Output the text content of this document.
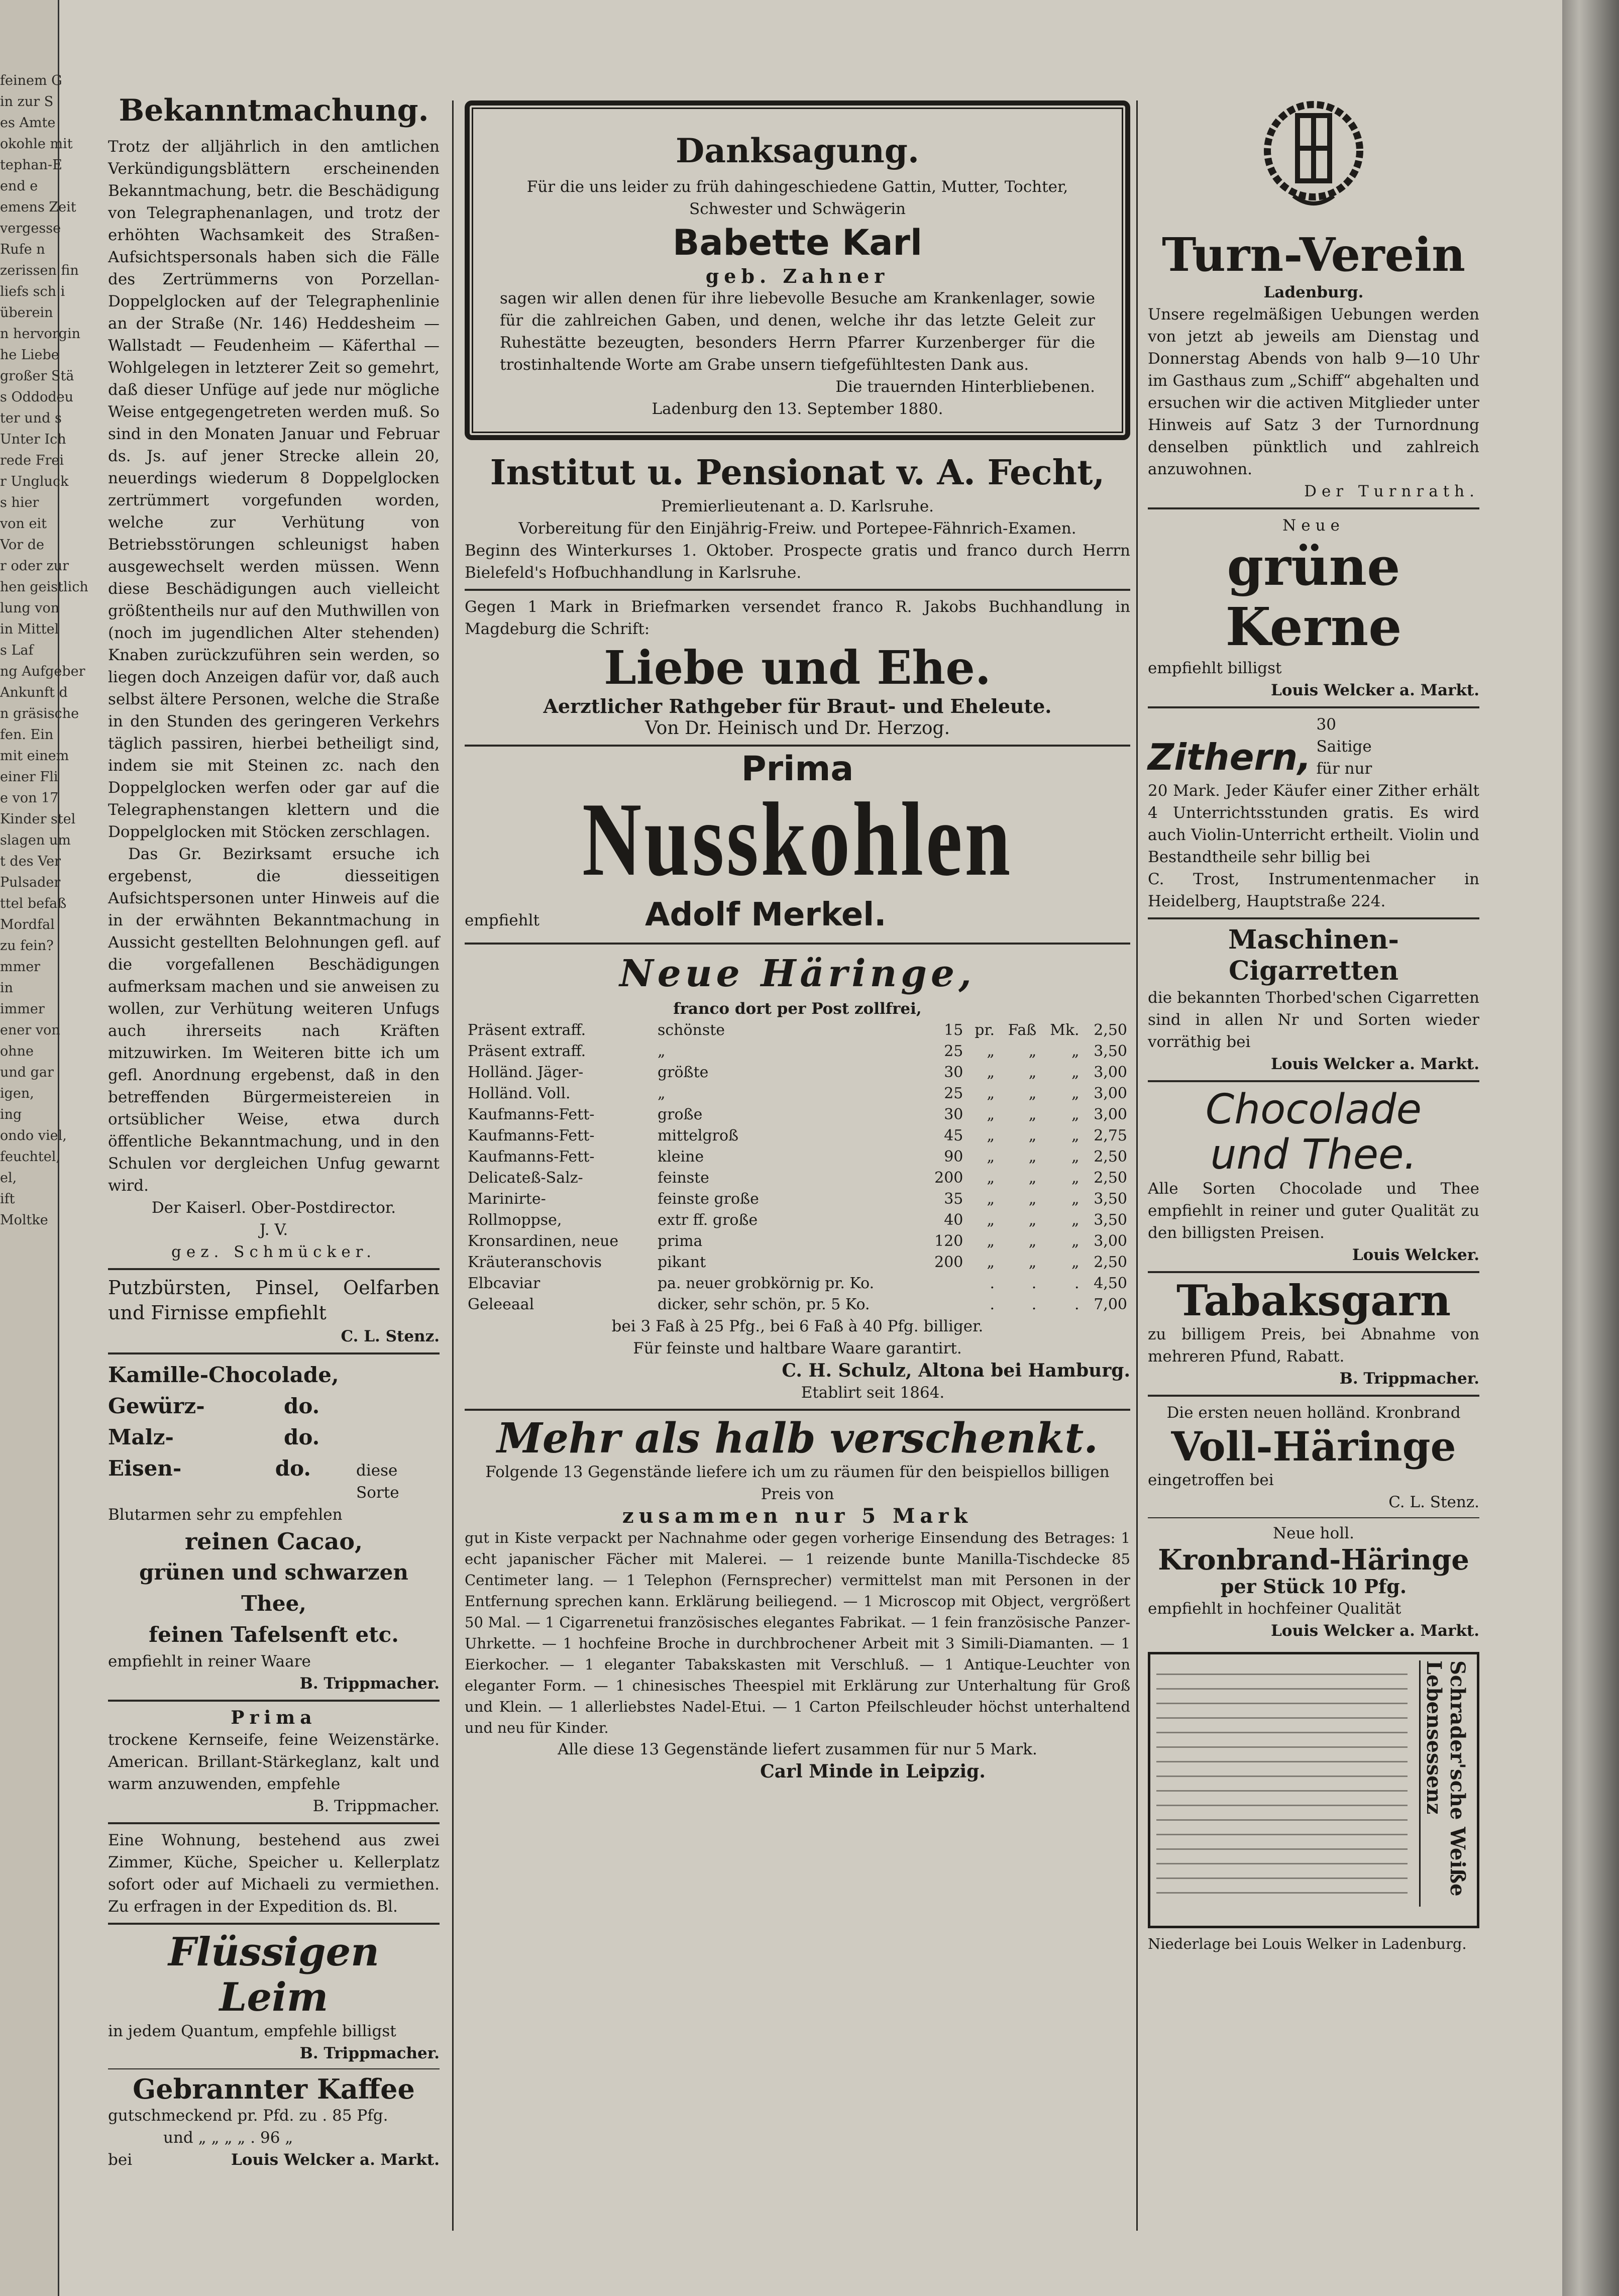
feinem G

in zur S

es Amte

okohle mit

tephan-E

end e

emens Zeit

vergesse

Rufe n

zerissen fin

liefs sch i

überein

n hervorgin

he Liebe

großer Stä

s Oddodeu

ter und s

Unter Ich

rede Frei

r Ungluck

s hier

von eit

Vor de

r oder zur

hen geistlich

lung von

in Mittel

s Laf

ng Aufgeber

Ankunft d

n gräsische

fen. Ein

mit einem

einer Fli

e von 17

Kinder stel

slagen um

t des Ver

Pulsader

ttel befaß

Mordfal

zu fein?

mmer

in

immer

ener von

ohne

und gar

igen,

ing

ondo viel,

feuchtel,

el,

ift

Moltke

Bekanntmachung.

Trotz der alljährlich in den amtlichen Verkündigungsblättern erscheinenden Bekanntmachung, betr. die Beschädigung von Telegraphenanlagen, und trotz der erhöhten Wachsamkeit des Straßen-Aufsichtspersonals haben sich die Fälle des Zertrümmerns von Porzellan-Doppelglocken auf der Telegraphenlinie an der Straße (Nr. 146) Heddesheim — Wallstadt — Feudenheim — Käferthal — Wohlgelegen in letzterer Zeit so gemehrt, daß dieser Unfüge auf jede nur mögliche Weise entgegengetreten werden muß. So sind in den Monaten Januar und Februar ds. Js. auf jener Strecke allein 20, neuerdings wiederum 8 Doppelglocken zertrümmert vorgefunden worden, welche zur Verhütung von Betriebsstörungen schleunigst haben ausgewechselt werden müssen. Wenn diese Beschädigungen auch vielleicht größtentheils nur auf den Muthwillen von (noch im jugendlichen Alter stehenden) Knaben zurückzuführen sein werden, so liegen doch Anzeigen dafür vor, daß auch selbst ältere Personen, welche die Straße in den Stunden des geringeren Verkehrs täglich passiren, hierbei betheiligt sind, indem sie mit Steinen zc. nach den Doppelglocken werfen oder gar auf die Telegraphenstangen klettern und die Doppelglocken mit Stöcken zerschlagen.

Das Gr. Bezirksamt ersuche ich ergebenst, die diesseitigen Aufsichtspersonen unter Hinweis auf die in der erwähnten Bekanntmachung in Aussicht gestellten Belohnungen gefl. auf die vorgefallenen Beschädigungen aufmerksam machen und sie anweisen zu wollen, zur Verhütung weiteren Unfugs auch ihrerseits nach Kräften mitzuwirken. Im Weiteren bitte ich um gefl. Anordnung ergebenst, daß in den betreffenden Bürgermeistereien in ortsüblicher Weise, etwa durch öffentliche Bekanntmachung, und in den Schulen vor dergleichen Unfug gewarnt wird.

Der Kaiserl. Ober-Postdirector.

J. V.

gez. Schmücker.

Putzbürsten, Pinsel, Oelfarben und Firnisse empfiehlt

C. L. Stenz.

Kamille-Chocolade,

Gewürz-	do.
Malz-	do.
Eisen-	do.	diese Sorte

Blutarmen sehr zu empfehlen

reinen Cacao,

grünen und schwarzen Thee,

feinen Tafelsenft etc.

empfiehlt in reiner Waare

B. Trippmacher.

Prima

trockene Kernseife, feine Weizenstärke. American. Brillant-Stärkeglanz, kalt und warm anzuwenden, empfehle

B. Trippmacher.

Eine Wohnung, bestehend aus zwei Zimmer, Küche, Speicher u. Kellerplatz sofort oder auf Michaeli zu vermiethen. Zu erfragen in der Expedition ds. Bl.

Flüssigen Leim

in jedem Quantum, empfehle billigst

B. Trippmacher.

Gebrannter Kaffee

gutschmeckend pr. Pfd. zu . 85 Pfg.

und „ „ „ „ . 96 „

bei	Louis Welcker a. Markt.

Danksagung.

Für die uns leider zu früh dahingeschiedene Gattin, Mutter, Tochter, Schwester und Schwägerin

Babette Karl

geb. Zahner

sagen wir allen denen für ihre liebevolle Besuche am Krankenlager, sowie für die zahlreichen Gaben, und denen, welche ihr das letzte Geleit zur Ruhestätte bezeugten, besonders Herrn Pfarrer Kurzenberger für die trostinhaltende Worte am Grabe unsern tiefgefühltesten Dank aus.

Die trauernden Hinterbliebenen.

Ladenburg den 13. September 1880.

Institut u. Pensionat v. A. Fecht,

Premierlieutenant a. D. Karlsruhe.

Vorbereitung für den Einjährig-Freiw. und Portepee-Fähnrich-Examen.

Beginn des Winterkurses 1. Oktober. Prospecte gratis und franco durch Herrn Bielefeld's Hofbuchhandlung in Karlsruhe.

Gegen 1 Mark in Briefmarken versendet franco R. Jakobs Buchhandlung in Magdeburg die Schrift:

Liebe und Ehe.

Aerztlicher Rathgeber für Braut- und Eheleute.

Von Dr. Heinisch und Dr. Herzog.

Prima

Nusskohlen

empfiehlt	Adolf Merkel.

Neue Häringe,

franco dort per Post zollfrei,

Präsent extraff.	schönste	15	pr.	Faß	Mk.	2,50
Präsent extraff.	„	25	„	„	„	3,50
Holländ. Jäger-	größte	30	„	„	„	3,00
Holländ. Voll.	„	25	„	„	„	3,00
Kaufmanns-Fett-	große	30	„	„	„	3,00
Kaufmanns-Fett-	mittelgroß	45	„	„	„	2,75
Kaufmanns-Fett-	kleine	90	„	„	„	2,50
Delicateß-Salz-	feinste	200	„	„	„	2,50
Marinirte-	feinste große	35	„	„	„	3,50
Rollmoppse,	extr ff. große	40	„	„	„	3,50
Kronsardinen, neue	prima	120	„	„	„	3,00
Kräuteranschovis	pikant	200	„	„	„	2,50
Elbcaviar	pa. neuer grobkörnig pr. Ko.		.	.	.	4,50
Geleeaal	dicker, sehr schön, pr. 5 Ko.		.	.	.	7,00

bei 3 Faß à 25 Pfg., bei 6 Faß à 40 Pfg. billiger.

Für feinste und haltbare Waare garantirt.

C. H. Schulz, Altona bei Hamburg.

Etablirt seit 1864.

Mehr als halb verschenkt.

Folgende 13 Gegenstände liefere ich um zu räumen für den beispiellos billigen Preis von

zusammen nur 5 Mark

gut in Kiste verpackt per Nachnahme oder gegen vorherige Einsendung des Betrages: 1 echt japanischer Fächer mit Malerei. — 1 reizende bunte Manilla-Tischdecke 85 Centimeter lang. — 1 Telephon (Fernsprecher) vermittelst man mit Personen in der Entfernung sprechen kann. Erklärung beiliegend. — 1 Microscop mit Object, vergrößert 50 Mal. — 1 Cigarrenetui französisches elegantes Fabrikat. — 1 fein französische Panzer-Uhrkette. — 1 hochfeine Broche in durchbrochener Arbeit mit 3 Simili-Diamanten. — 1 Eierkocher. — 1 eleganter Tabakskasten mit Verschluß. — 1 Antique-Leuchter von eleganter Form. — 1 chinesisches Theespiel mit Erklärung zur Unterhaltung für Groß und Klein. — 1 allerliebstes Nadel-Etui. — 1 Carton Pfeilschleuder höchst unterhaltend und neu für Kinder.

Alle diese 13 Gegenstände liefert zusammen für nur 5 Mark.

Carl Minde in Leipzig.

Turn-Verein

Ladenburg.

Unsere regelmäßigen Uebungen werden von jetzt ab jeweils am Dienstag und Donnerstag Abends von halb 9—10 Uhr im Gasthaus zum „Schiff“ abgehalten und ersuchen wir die activen Mitglieder unter Hinweis auf Satz 3 der Turnordnung denselben pünktlich und zahlreich anzuwohnen.

Der Turnrath.

Neue

grüne Kerne

empfiehlt billigst

Louis Welcker a. Markt.

Zithern,
30 Saitige für nur

20 Mark. Jeder Käufer einer Zither erhält 4 Unterrichtsstunden gratis. Es wird auch Violin-Unterricht ertheilt. Violin und Bestandtheile sehr billig bei

C. Trost, Instrumentenmacher in Heidelberg, Hauptstraße 224.

Maschinen-Cigarretten

die bekannten Thorbed'schen Cigarretten sind in allen Nr und Sorten wieder vorräthig bei

Louis Welcker a. Markt.

Chocolade

und Thee.

Alle Sorten Chocolade und Thee empfiehlt in reiner und guter Qualität zu den billigsten Preisen.

Louis Welcker.

Tabaksgarn

zu billigem Preis, bei Abnahme von mehreren Pfund, Rabatt.

B. Trippmacher.

Die ersten neuen holländ. Kronbrand

Voll-Häringe

eingetroffen bei

C. L. Stenz.

Neue holl.

Kronbrand-Häringe

per Stück 10 Pfg.

empfiehlt in hochfeiner Qualität

Louis Welcker a. Markt.

Schrader'sche Weiße Lebensessenz

Niederlage bei Louis Welker in Ladenburg.
